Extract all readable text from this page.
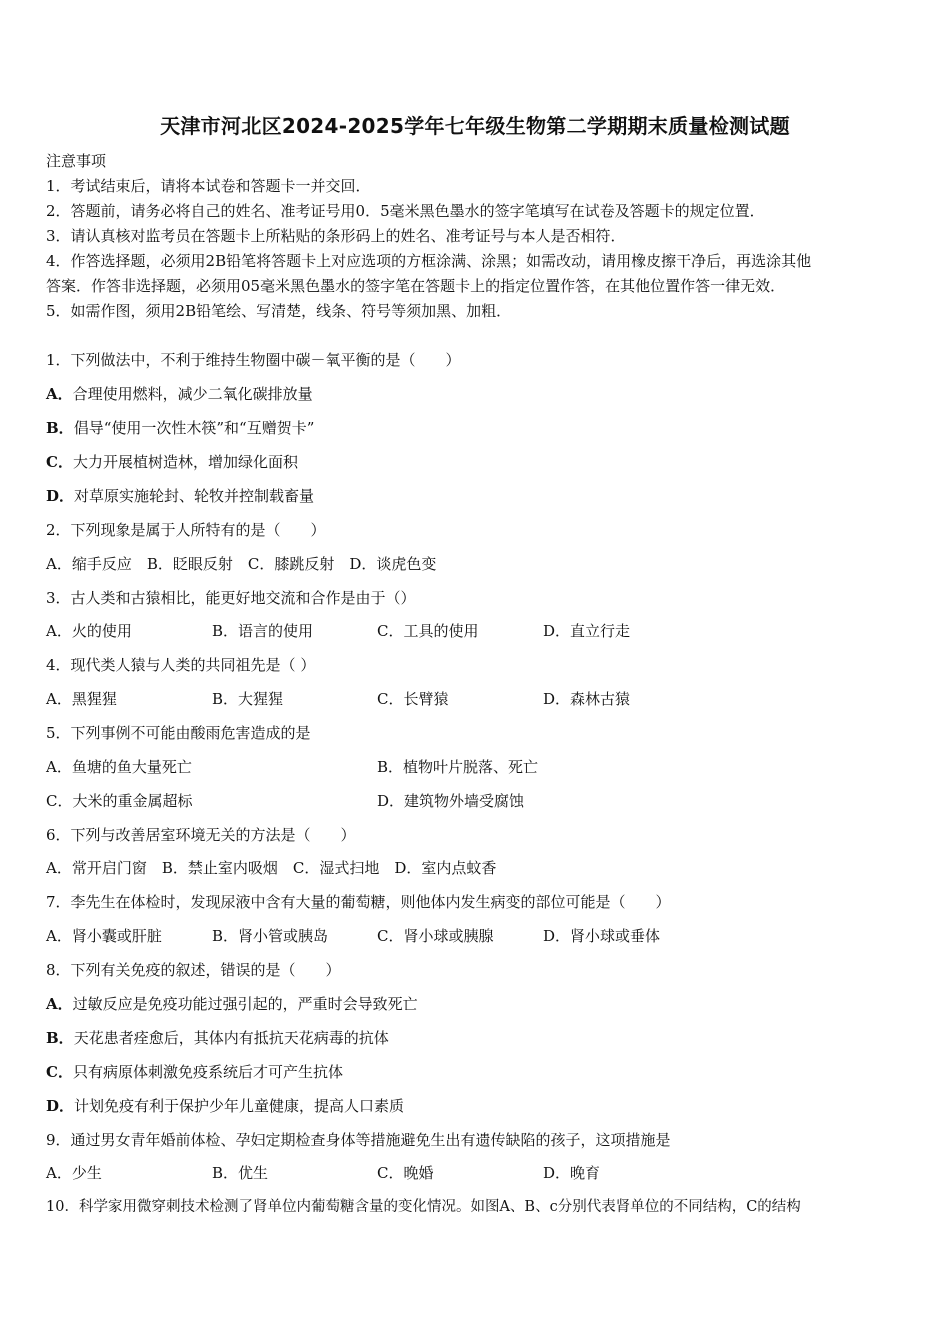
天津市河北区2024-2025学年七年级生物第二学期期末质量检测试题
注意事项
1．考试结束后，请将本试卷和答题卡一并交回．
2．答题前，请务必将自己的姓名、准考证号用0．5毫米黑色墨水的签字笔填写在试卷及答题卡的规定位置．
3．请认真核对监考员在答题卡上所粘贴的条形码上的姓名、准考证号与本人是否相符．
4．作答选择题，必须用2B铅笔将答题卡上对应选项的方框涂满、涂黑；如需改动，请用橡皮擦干净后，再选涂其他
答案．作答非选择题，必须用05毫米黑色墨水的签字笔在答题卡上的指定位置作答，在其他位置作答一律无效．
5．如需作图，须用2B铅笔绘、写清楚，线条、符号等须加黑、加粗．
1．下列做法中，不利于维持生物圈中碳－氧平衡的是（　　）
A．合理使用燃料，减少二氧化碳排放量
B．倡导“使用一次性木筷”和“互赠贺卡”
C．大力开展植树造林，增加绿化面积
D．对草原实施轮封、轮牧并控制载畜量
2．下列现象是属于人所特有的是（　　）
A．缩手反应　B．眨眼反射　C．膝跳反射　D．谈虎色变
3．古人类和古猿相比，能更好地交流和合作是由于（）
A．火的使用	B．语言的使用	C．工具的使用	D．直立行走
4．现代类人猿与人类的共同祖先是（ ）
A．黑猩猩	B．大猩猩	C．长臂猿	D．森林古猿
5．下列事例不可能由酸雨危害造成的是
A．鱼塘的鱼大量死亡	B．植物叶片脱落、死亡
C．大米的重金属超标	D．建筑物外墙受腐蚀
6．下列与改善居室环境无关的方法是（　　）
A．常开启门窗　B．禁止室内吸烟　C．湿式扫地　D．室内点蚊香
7．李先生在体检时，发现尿液中含有大量的葡萄糖，则他体内发生病变的部位可能是（　　）
A．肾小囊或肝脏	B．肾小管或胰岛	C．肾小球或胰腺	D．肾小球或垂体
8．下列有关免疫的叙述，错误的是（　　）
A．过敏反应是免疫功能过强引起的，严重时会导致死亡
B．天花患者痊愈后，其体内有抵抗天花病毒的抗体
C．只有病原体刺激免疫系统后才可产生抗体
D．计划免疫有利于保护少年儿童健康，提高人口素质
9．通过男女青年婚前体检、孕妇定期检查身体等措施避免生出有遗传缺陷的孩子，这项措施是
A．少生	B．优生	C．晚婚	D．晚育
10．科学家用微穿刺技术检测了肾单位内葡萄糖含量的变化情况。如图A、B、c分别代表肾单位的不同结构，C的结构
